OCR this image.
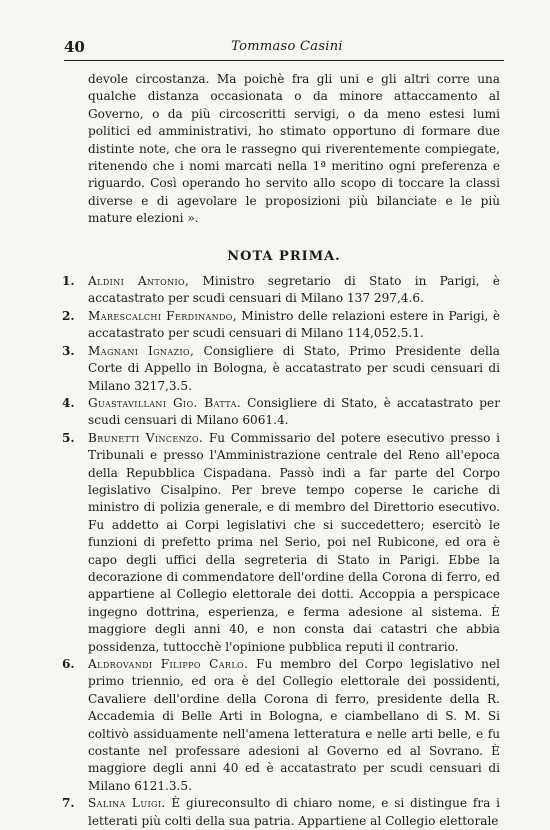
40	Tommaso Casini

devole circostanza. Ma poichè fra gli uni e gli altri corre una qualche distanza occasionata o da minore attaccamento al Governo, o da più circoscritti servigi, o da meno estesi lumi politici ed amministrativi, ho stimato opportuno di formare due distinte note, che ora le rassegno qui riverentemente compiegate, ritenendo che i nomi marcati nella 1ª meritino ogni preferenza e riguardo. Così operando ho servito allo scopo di toccare la classi diverse e di agevolare le proposizioni più bilanciate e le più mature elezioni ».

NOTA PRIMA.
1. Aldini Antonio, Ministro segretario di Stato in Parigi, è accatastrato per scudi censuari di Milano 137 297,4.6.
2. Marescalchi Ferdinando, Ministro delle relazioni estere in Parigi, è accatastrato per scudi censuari di Milano 114,052.5.1.
3. Magnani Ignazio, Consigliere di Stato, Primo Presidente della Corte di Appello in Bologna, è accatastrato per scudi censuari di Milano 3217,3.5.
4. Guastavillani Gio. Batta. Consigliere di Stato, è accatastrato per scudi censuari di Milano 6061.4.
5. Brunetti Vincenzo. Fu Commissario del potere esecutivo presso i Tribunali e presso l'Amministrazione centrale del Reno all'epoca della Repubblica Cispadana. Passò indi a far parte del Corpo legislativo Cisalpino. Per breve tempo coperse le cariche di ministro di polizia generale, e di membro del Direttorio esecutivo. Fu addetto ai Corpi legislativi che si succedettero; esercitò le funzioni di prefetto prima nel Serio, poi nel Rubicone, ed ora è capo degli uffici della segreteria di Stato in Parigi. Ebbe la decorazione di commendatore dell'ordine della Corona di ferro, ed appartiene al Collegio elettorale dei dotti. Accoppia a perspicace ingegno dottrina, esperienza, e ferma adesione al sistema. È maggiore degli anni 40, e non consta dai catastri che abbia possidenza, tuttocchè l'opinione pubblica reputi il contrario.
6. Aldrovandi Filippo Carlo. Fu membro del Corpo legislativo nel primo triennio, ed ora è del Collegio elettorale dei possidenti, Cavaliere dell'ordine della Corona di ferro, presidente della R. Accademia di Belle Arti in Bologna, e ciambellano di S. M. Si coltivò assiduamente nell'amena letteratura e nelle arti belle, e fu costante nel professare adesioni al Governo ed al Sovrano. È maggiore degli anni 40 ed è accatastrato per scudi censuari di Milano 6121.3.5.
7. Salina Luigi. È giureconsulto di chiaro nome, e si distingue fra i letterati più colti della sua patria. Appartiene al Collegio elettorale
